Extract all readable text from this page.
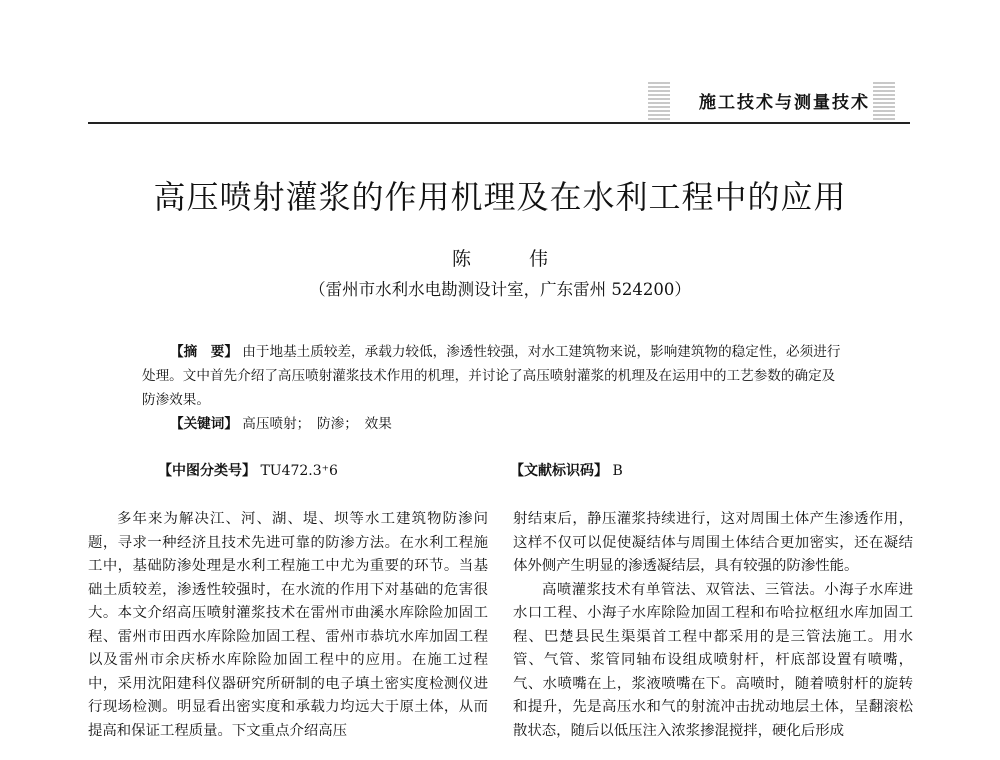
施工技术与测量技术
高压喷射灌浆的作用机理及在水利工程中的应用
陈 伟
（雷州市水利水电勘测设计室，广东雷州 524200）

【摘　要】 由于地基土质较差，承载力较低，渗透性较强，对水工建筑物来说，影响建筑物的稳定性，必须进行处理。文中首先介绍了高压喷射灌浆技术作用的机理，并讨论了高压喷射灌浆的机理及在运用中的工艺参数的确定及防渗效果。

【关键词】 高压喷射；　防渗；　效果

【中图分类号】 TU472.3⁺6	【文献标识码】 B

多年来为解决江、河、湖、堤、坝等水工建筑物防渗问题，寻求一种经济且技术先进可靠的防渗方法。在水利工程施工中，基础防渗处理是水利工程施工中尤为重要的环节。当基础土质较差，渗透性较强时，在水流的作用下对基础的危害很大。本文介绍高压喷射灌浆技术在雷州市曲溪水库除险加固工程、雷州市田西水库除险加固工程、雷州市恭坑水库加固工程以及雷州市余庆桥水库除险加固工程中的应用。在施工过程中，采用沈阳建科仪器研究所研制的电子填土密实度检测仪进行现场检测。明显看出密实度和承载力均远大于原土体，从而提高和保证工程质量。下文重点介绍高压

射结束后，静压灌浆持续进行，这对周围土体产生渗透作用，这样不仅可以促使凝结体与周围土体结合更加密实，还在凝结体外侧产生明显的渗透凝结层，具有较强的防渗性能。

高喷灌浆技术有单管法、双管法、三管法。小海子水库进水口工程、小海子水库除险加固工程和布哈拉枢纽水库加固工程、巴楚县民生渠渠首工程中都采用的是三管法施工。用水管、气管、浆管同轴布设组成喷射杆，杆底部设置有喷嘴，气、水喷嘴在上，浆液喷嘴在下。高喷时，随着喷射杆的旋转和提升，先是高压水和气的射流冲击扰动地层土体，呈翻滚松散状态，随后以低压注入浓浆掺混搅拌，硬化后形成
